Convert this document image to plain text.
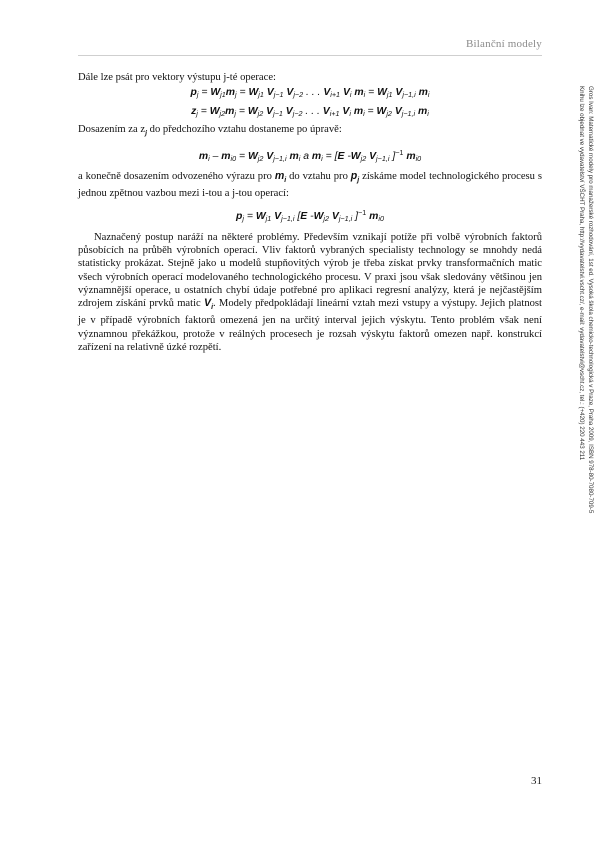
Bilanční modely

Dále lze psát pro vektory výstupu j-té operace:

$p_j = W_{j1}m_j = W_{j1}$ $V_{j-1}$ $V_{j-2}$ . . . $V_{i+1}$ $V_i$ $m_i = W_{j1}$ $V_{j-1,i}$ $m_i$
$z_j = W_{j2}m_j = W_{j2}$ $V_{j-1}$ $V_{j-2}$ . . . $V_{i+1}$ $V_i$ $m_i = W_{j2}$ $V_{j-1,i}$ $m_i$

Dosazením za $z_j$ do předchozího vztahu dostaneme po úpravě:

$m_i - m_{i0} = W_{j2}$ $V_{j-1,i}$ $m_i$ a $m_i = [E$ $-W_{j2}$ $V_{j-1,i}$ ]$^{-1}$ $m_{i0}$

a konečně dosazením odvozeného výrazu pro $m_i$ do vztahu pro $p_j$ získáme model technologického procesu s jednou zpětnou vazbou mezi i-tou a j-tou operací:

$p_j = W_{j1}$ $V_{j-1,i}$ [E $-W_{j2}$ $V_{j-1,i}$ ]$^{-1}$ $m_{i0}$

Naznačený postup naráží na některé problémy. Především vznikají potíže při volbě výrobních faktorů působících na průběh výrobních operací. Vliv faktorů vybraných specialisty technology se mnohdy nedá statisticky prokázat. Stejně jako u modelů stupňovitých výrob je třeba získat prvky transformačních matic všech výrobních operací modelovaného technologického procesu. V praxi jsou však sledovány většinou jen významnější operace, u ostatních chybí údaje potřebné pro aplikaci regresní analýzy, která je nejčastějším zdrojem získání prvků matic $V_i$. Modely předpokládají lineární vztah mezi vstupy a výstupy. Jejich platnost je v případě výrobních faktorů omezená jen na určitý interval jejich výskytu. Tento problém však není významnou překážkou, protože v reálných procesech je rozsah výskytu faktorů omezen např. konstrukcí zařízení na relativně úzké rozpětí.	Gros Ivan: Matematické modely pro manažerské rozhodování, 1st ed. Vysoká škola chemicko-technologická v Praze, Praha 2009, ISBN 978-80-7080-709-5
Knihu lze objednat ve vydavatelství VŠCHT Praha, http://vydavatelstvi.vscht.cz/, e-mail: vydavatelstvi@vscht.cz, tel.: (+420) 220 443 211
31
